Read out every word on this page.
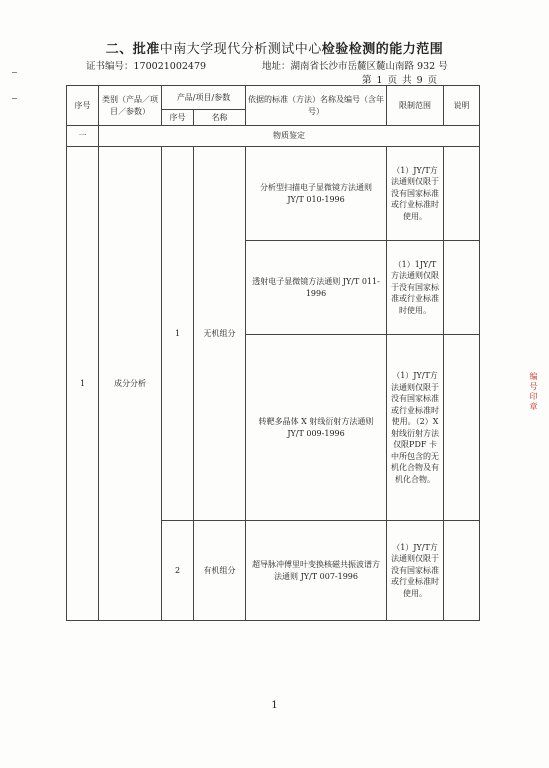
二、批准中南大学现代分析测试中心检验检测的能力范围
证书编号：170021002479	地址：湖南省长沙市岳麓区麓山南路 932 号
第 1 页 共 9 页
序号	类别（产品／项目／参数）	产品/项目/参数		依据的标准（方法）名称及编号（含年号）	限制范围	说明
		序号	名称			
一	物质鉴定					
1	成分分析	1	无机组分	分析型扫描电子显微镜方法通则 JY/T 010-1996	（1）JY/T方法通则仅限于没有国家标准或行业标准时使用。	
				透射电子显微镜方法通则 JY/T 011-1996	（1）1JY/T方法通则仅限于没有国家标准或行业标准时使用。	
				转靶多晶体 X 射线衍射方法通则 JY/T 009-1996	（1）JY/T方法通则仅限于没有国家标准或行业标准时使用。（2）X射线衍射方法仅限PDF 卡中所包含的无机化合物及有机化合物。	
		2	有机组分	超导脉冲傅里叶变换核磁共振波谱方法通则 JY/T 007-1996	（1）JY/T方法通则仅限于没有国家标准或行业标准时使用。	
编号印章
1
